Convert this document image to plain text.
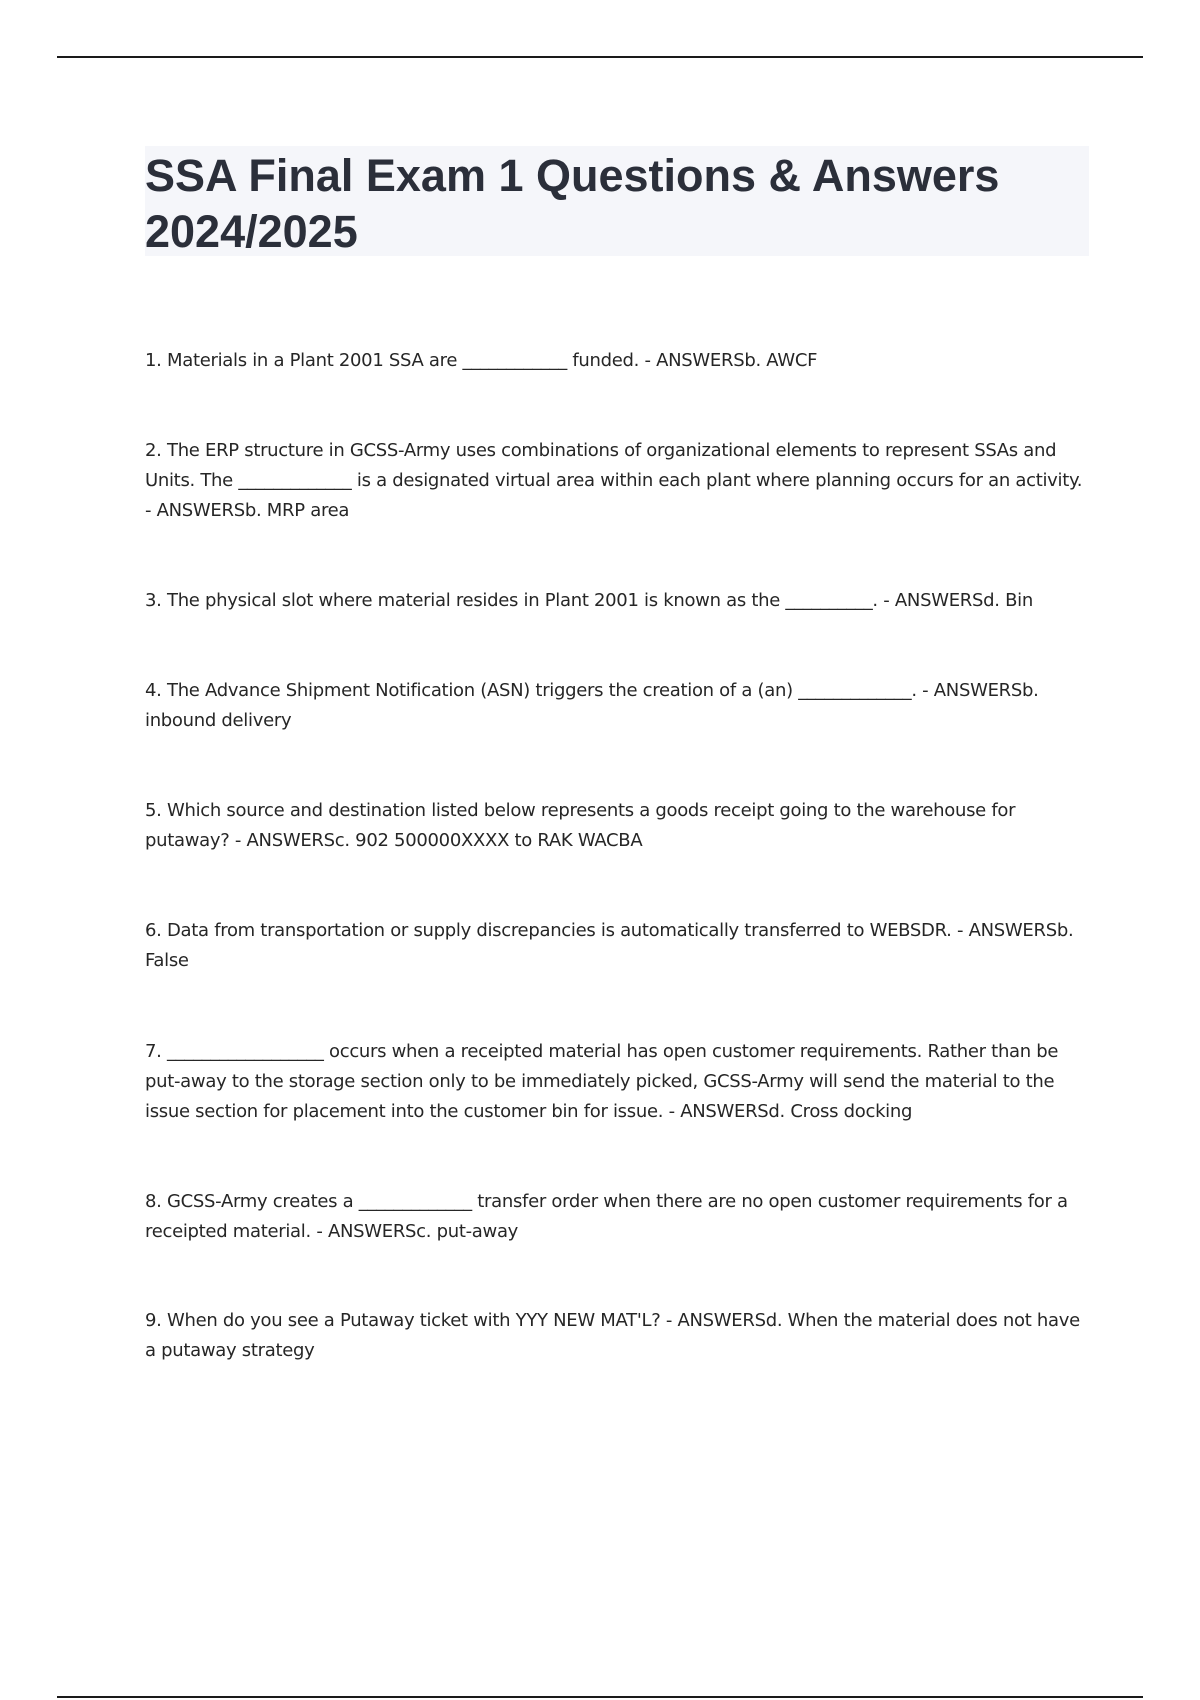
SSA Final Exam 1 Questions & Answers 2024/2025

1. Materials in a Plant 2001 SSA are ____________ funded. - ANSWERSb. AWCF

2. The ERP structure in GCSS-Army uses combinations of organizational elements to represent SSAs and Units. The _____________ is a designated virtual area within each plant where planning occurs for an activity. - ANSWERSb. MRP area

3. The physical slot where material resides in Plant 2001 is known as the __________. - ANSWERSd. Bin

4. The Advance Shipment Notification (ASN) triggers the creation of a (an) _____________. - ANSWERSb. inbound delivery

5. Which source and destination listed below represents a goods receipt going to the warehouse for putaway? - ANSWERSc. 902 500000XXXX to RAK WACBA

6. Data from transportation or supply discrepancies is automatically transferred to WEBSDR. - ANSWERSb. False

7. __________________ occurs when a receipted material has open customer requirements. Rather than be put-away to the storage section only to be immediately picked, GCSS-Army will send the material to the issue section for placement into the customer bin for issue. - ANSWERSd. Cross docking

8. GCSS-Army creates a _____________ transfer order when there are no open customer requirements for a receipted material. - ANSWERSc. put-away

9. When do you see a Putaway ticket with YYY NEW MAT'L? - ANSWERSd. When the material does not have a putaway strategy
